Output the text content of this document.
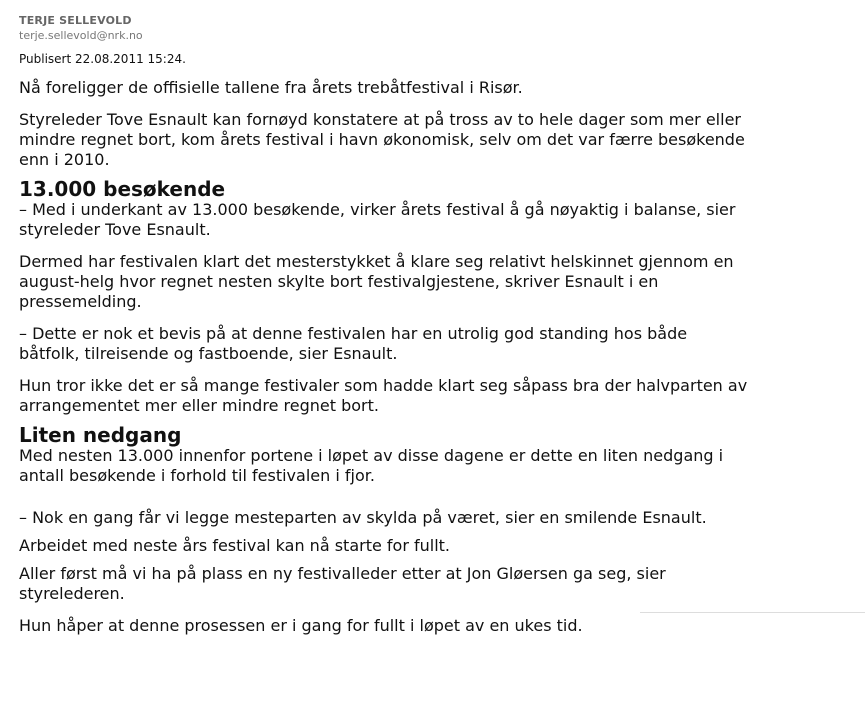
TERJE SELLEVOLD
terje.sellevold@nrk.no
Publisert 22.08.2011 15:24.

Nå foreligger de offisielle tallene fra årets trebåtfestival i Risør.

Styreleder Tove Esnault kan fornøyd konstatere at på tross av to hele dager som mer eller
mindre regnet bort, kom årets festival i havn økonomisk, selv om det var færre besøkende
enn i 2010.

13.000 besøkende

– Med i underkant av 13.000 besøkende, virker årets festival å gå nøyaktig i balanse, sier
styreleder Tove Esnault.

Dermed har festivalen klart det mesterstykket å klare seg relativt helskinnet gjennom en
august-helg hvor regnet nesten skylte bort festivalgjestene, skriver Esnault i en
pressemelding.

– Dette er nok et bevis på at denne festivalen har en utrolig god standing hos både
båtfolk, tilreisende og fastboende, sier Esnault.

Hun tror ikke det er så mange festivaler som hadde klart seg såpass bra der halvparten av
arrangementet mer eller mindre regnet bort.

Liten nedgang

Med nesten 13.000 innenfor portene i løpet av disse dagene er dette en liten nedgang i
antall besøkende i forhold til festivalen i fjor.

– Nok en gang får vi legge mesteparten av skylda på været, sier en smilende Esnault.

Arbeidet med neste års festival kan nå starte for fullt.

Aller først må vi ha på plass en ny festivalleder etter at Jon Gløersen ga seg, sier
styrelederen.

Hun håper at denne prosessen er i gang for fullt i løpet av en ukes tid.
